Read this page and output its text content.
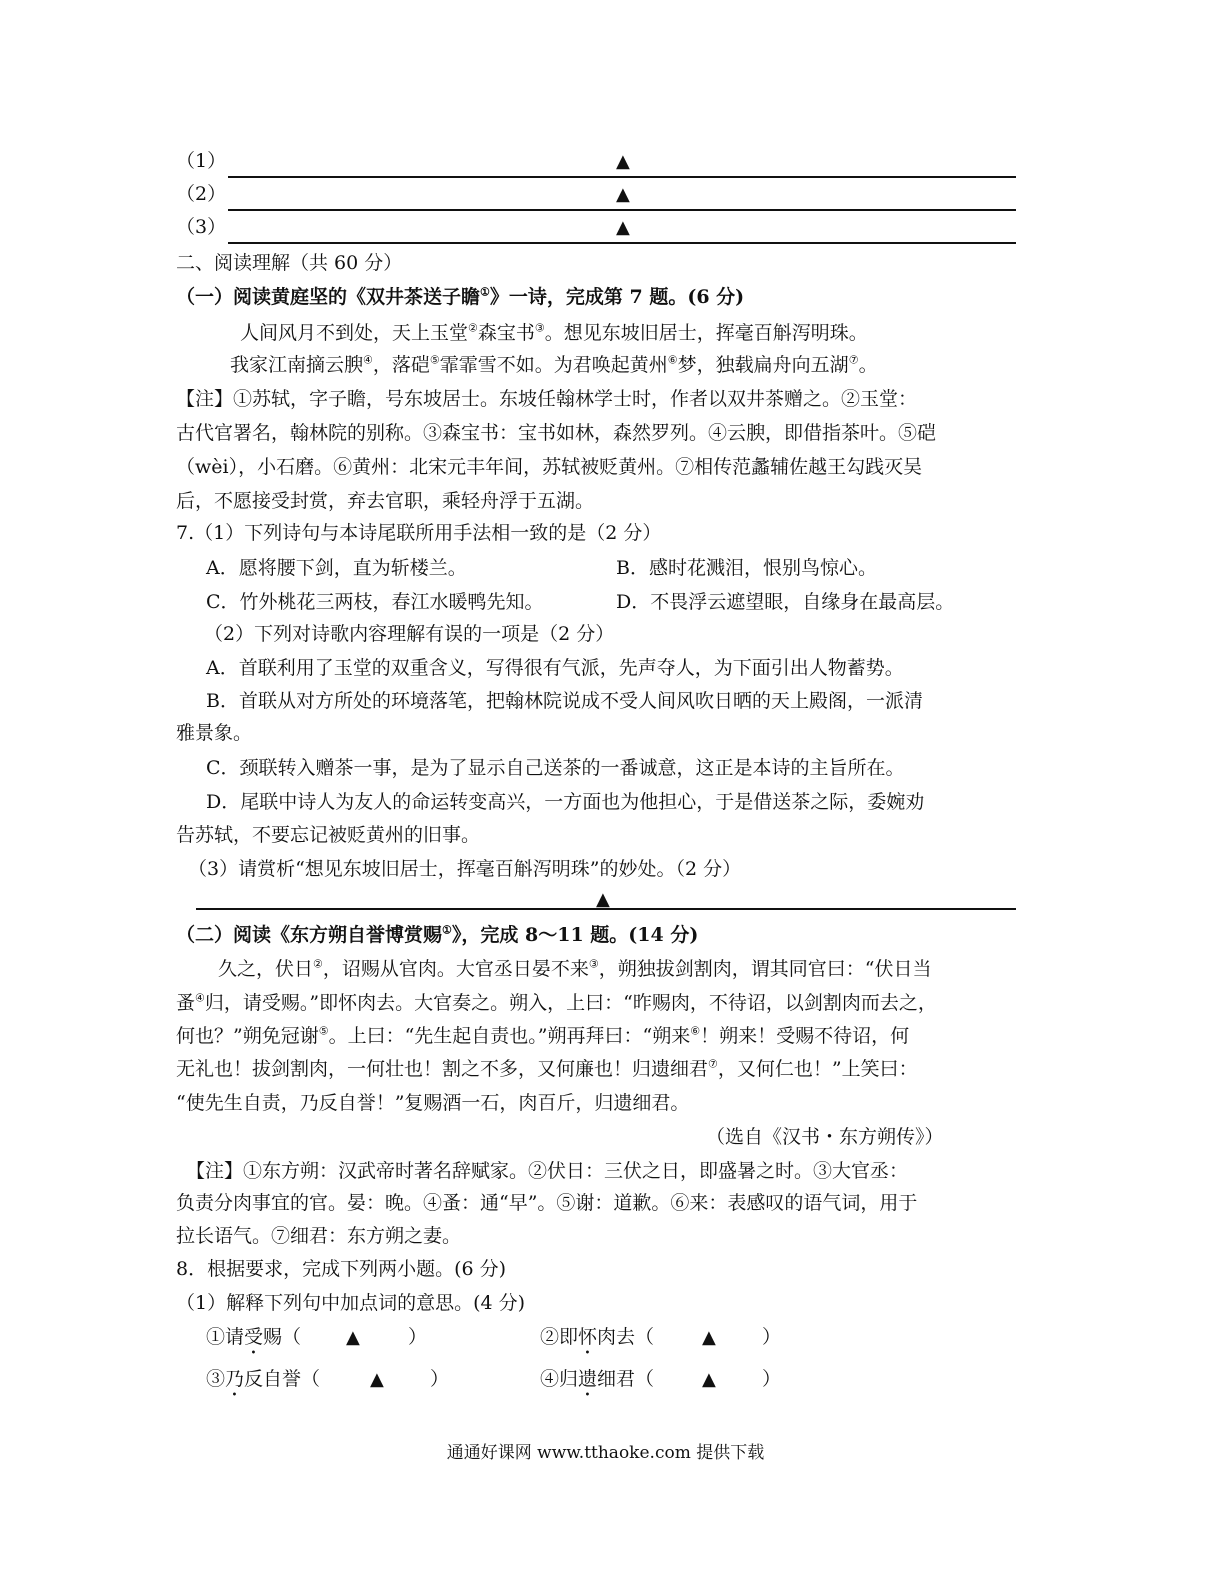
（1）	▲
（2）	▲
（3）	▲
二、阅读理解（共 60 分）
（一）阅读黄庭坚的《双井茶送子瞻①》一诗，完成第 7 题。(6 分)
人间风月不到处，天上玉堂②森宝书③。想见东坡旧居士，挥毫百斛泻明珠。
我家江南摘云腴④，落硙⑤霏霏雪不如。为君唤起黄州⑥梦，独载扁舟向五湖⑦。
【注】①苏轼，字子瞻，号东坡居士。东坡任翰林学士时，作者以双井茶赠之。②玉堂：
古代官署名，翰林院的别称。③森宝书：宝书如林，森然罗列。④云腴，即借指茶叶。⑤硙
（wèi），小石磨。⑥黄州：北宋元丰年间，苏轼被贬黄州。⑦相传范蠡辅佐越王勾践灭吴
后，不愿接受封赏，弃去官职，乘轻舟浮于五湖。
7.（1）下列诗句与本诗尾联所用手法相一致的是（2 分）
A．愿将腰下剑，直为斩楼兰。	B．感时花溅泪，恨别鸟惊心。
C．竹外桃花三两枝，春江水暖鸭先知。	D．不畏浮云遮望眼，自缘身在最高层。
（2）下列对诗歌内容理解有误的一项是（2 分）
A．首联利用了玉堂的双重含义，写得很有气派，先声夺人，为下面引出人物蓄势。
B．首联从对方所处的环境落笔，把翰林院说成不受人间风吹日晒的天上殿阁，一派清
雅景象。
C．颈联转入赠茶一事，是为了显示自己送茶的一番诚意，这正是本诗的主旨所在。
D．尾联中诗人为友人的命运转变高兴，一方面也为他担心，于是借送茶之际，委婉劝
告苏轼，不要忘记被贬黄州的旧事。
（3）请赏析“想见东坡旧居士，挥毫百斛泻明珠”的妙处。（2 分）
▲
（二）阅读《东方朔自誉博赏赐①》，完成 8～11 题。(14 分)
久之，伏日②，诏赐从官肉。大官丞日晏不来③，朔独拔剑割肉，谓其同官曰：“伏日当
蚤④归，请受赐。”即怀肉去。大官奏之。朔入，上曰：“昨赐肉，不待诏，以剑割肉而去之，
何也？”朔免冠谢⑤。上曰：“先生起自责也。”朔再拜曰：“朔来⑥！朔来！受赐不待诏，何
无礼也！拔剑割肉，一何壮也！割之不多，又何廉也！归遗细君⑦，又何仁也！”上笑曰：
“使先生自责，乃反自誉！”复赐酒一石，肉百斤，归遗细君。
（选自《汉书・东方朔传》）
【注】①东方朔：汉武帝时著名辞赋家。②伏日：三伏之日，即盛暑之时。③大官丞：
负责分肉事宜的官。晏：晚。④蚤：通“早”。⑤谢：道歉。⑥来：表感叹的语气词，用于
拉长语气。⑦细君：东方朔之妻。
8．根据要求，完成下列两小题。(6 分)
（1）解释下列句中加点词的意思。(4 分)
①请受赐（ ▲	）	②即怀肉去（	▲ ）
③乃反自誉（	▲ ）	④归遗细君（	▲ ）
通通好课网 www.tthaoke.com 提供下载
